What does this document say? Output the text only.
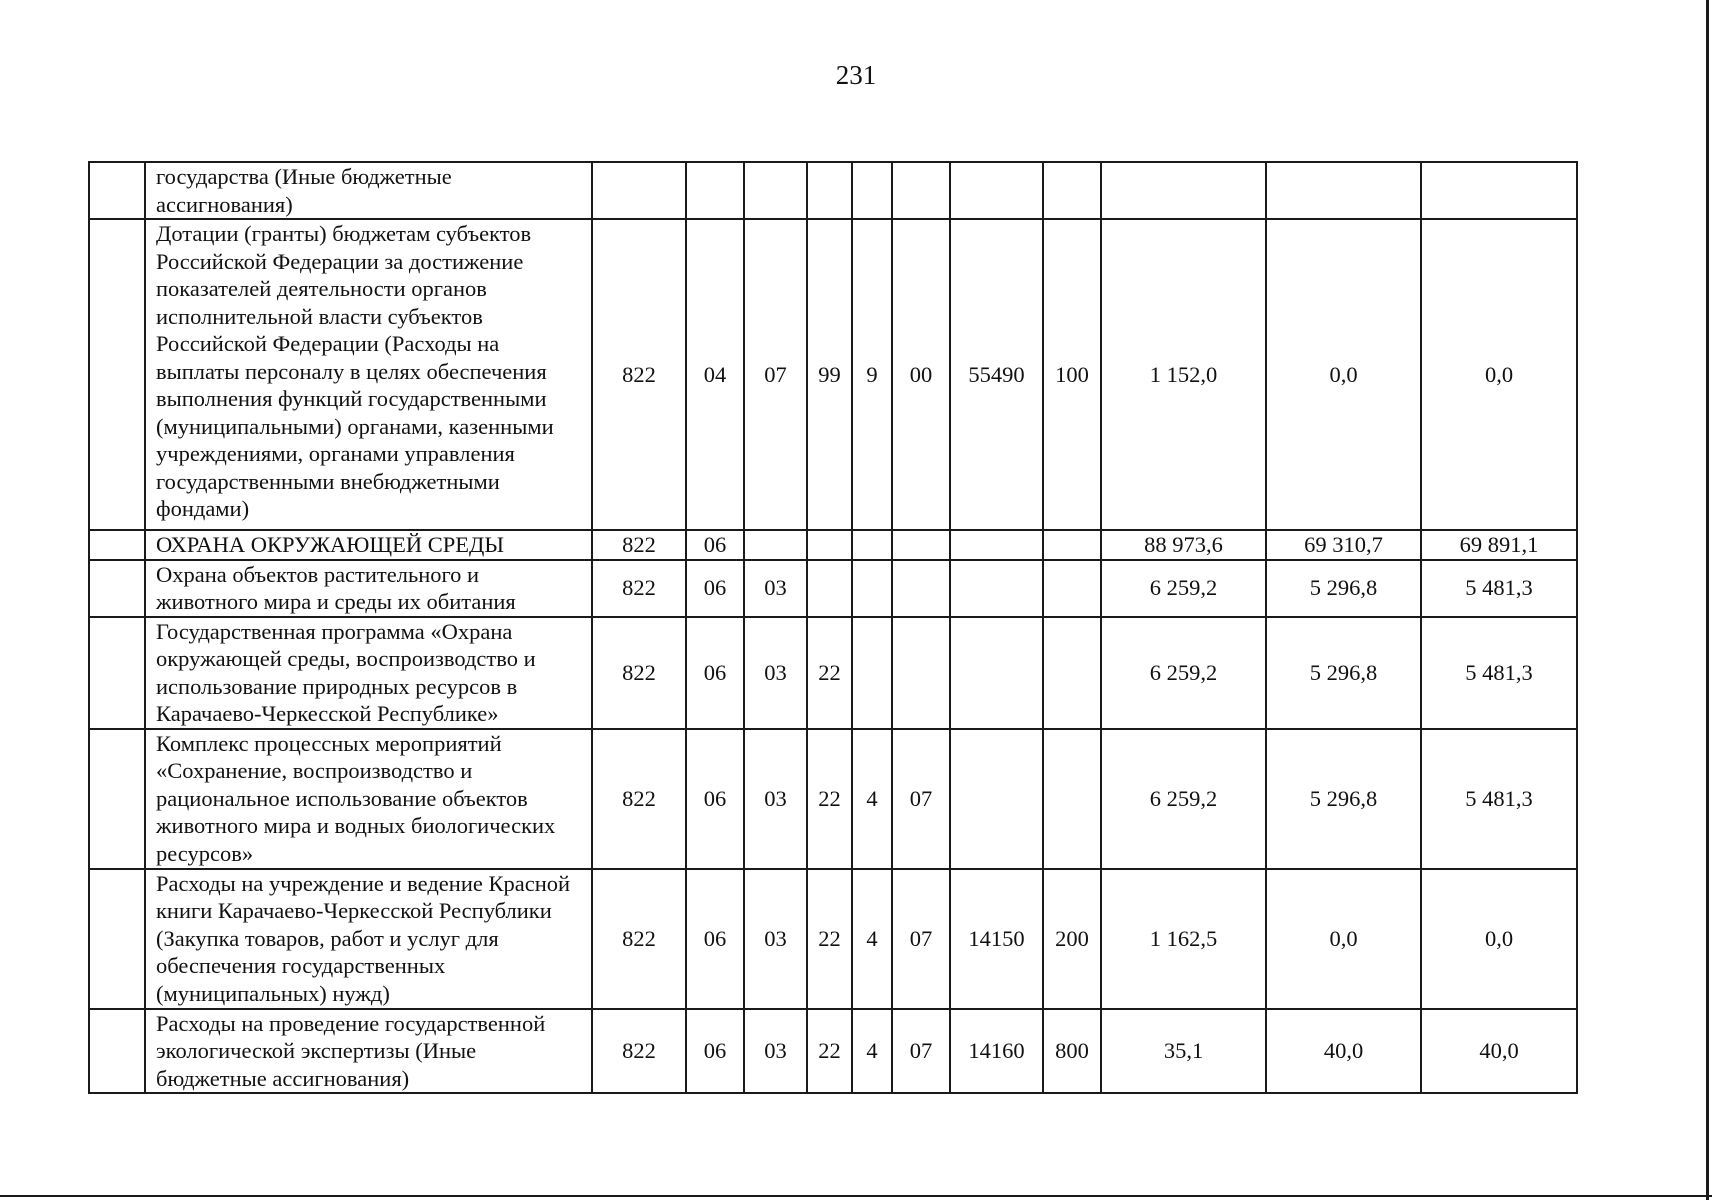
231
	государства (Иные бюджетные ассигнования)											
	Дотации (гранты) бюджетам субъектов Российской Федерации за достижение показателей деятельности органов исполнительной власти субъектов Российской Федерации (Расходы на выплаты персоналу в целях обеспечения выполнения функций государственными (муниципальными) органами, казенными учреждениями, органами управления государственными внебюджетными фондами)	822	04	07	99	9	00	55490	100	1 152,0	0,0	0,0
	ОХРАНА ОКРУЖАЮЩЕЙ СРЕДЫ	822	06							88 973,6	69 310,7	69 891,1
	Охрана объектов растительного и животного мира и среды их обитания	822	06	03						6 259,2	5 296,8	5 481,3
	Государственная программа «Охрана окружающей среды, воспроизводство и использование природных ресурсов в Карачаево-Черкесской Республике»	822	06	03	22					6 259,2	5 296,8	5 481,3
	Комплекс процессных мероприятий «Сохранение, воспроизводство и рациональное использование объектов животного мира и водных биологических ресурсов»	822	06	03	22	4	07			6 259,2	5 296,8	5 481,3
	Расходы на учреждение и ведение Красной книги Карачаево-Черкесской Республики (Закупка товаров, работ и услуг для обеспечения государственных (муниципальных) нужд)	822	06	03	22	4	07	14150	200	1 162,5	0,0	0,0
	Расходы на проведение государственной экологической экспертизы (Иные бюджетные ассигнования)	822	06	03	22	4	07	14160	800	35,1	40,0	40,0
